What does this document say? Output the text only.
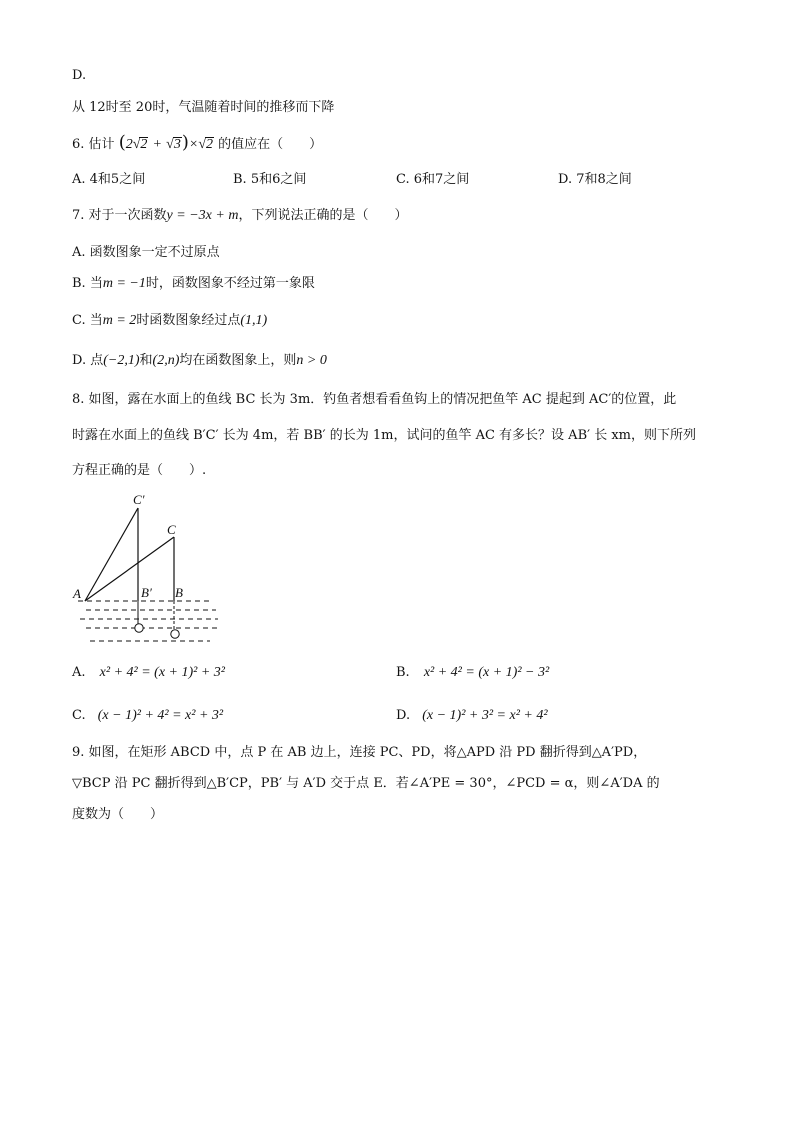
D.
从 12时至 20时，气温随着时间的推移而下降
6. 估计 (2√2 + √3)×√2 的值应在（　　）
A. 4和5之间	B. 5和6之间	C. 6和7之间	D. 7和8之间
7. 对于一次函数y = −3x + m，下列说法正确的是（　　）
A. 函数图象一定不过原点
B. 当m = −1时，函数图象不经过第一象限
C. 当m = 2时函数图象经过点(1,1)
D. 点(−2,1)和(2,n)均在函数图象上，则n > 0
8. 如图，露在水面上的鱼线 BC 长为 3m．钓鱼者想看看鱼钩上的情况把鱼竿 AC 提起到 AC′的位置，此
时露在水面上的鱼线 B′C′ 长为 4m，若 BB′ 的长为 1m，试问的鱼竿 AC 有多长？设 AB′ 长 xm，则下所列
方程正确的是（　　）.
C′
C
A	B′ B
A. x² + 4² = (x + 1)² + 3²	B. x² + 4² = (x + 1)² − 3²
C. (x − 1)² + 4² = x² + 3²	D. (x − 1)² + 3² = x² + 4²
9. 如图，在矩形 ABCD 中，点 P 在 AB 边上，连接 PC、PD，将△APD 沿 PD 翻折得到△A′PD，
▽BCP 沿 PC 翻折得到△B′CP，PB′ 与 A′D 交于点 E．若∠A′PE = 30°，∠PCD = α，则∠A′DA 的
度数为（　　）
